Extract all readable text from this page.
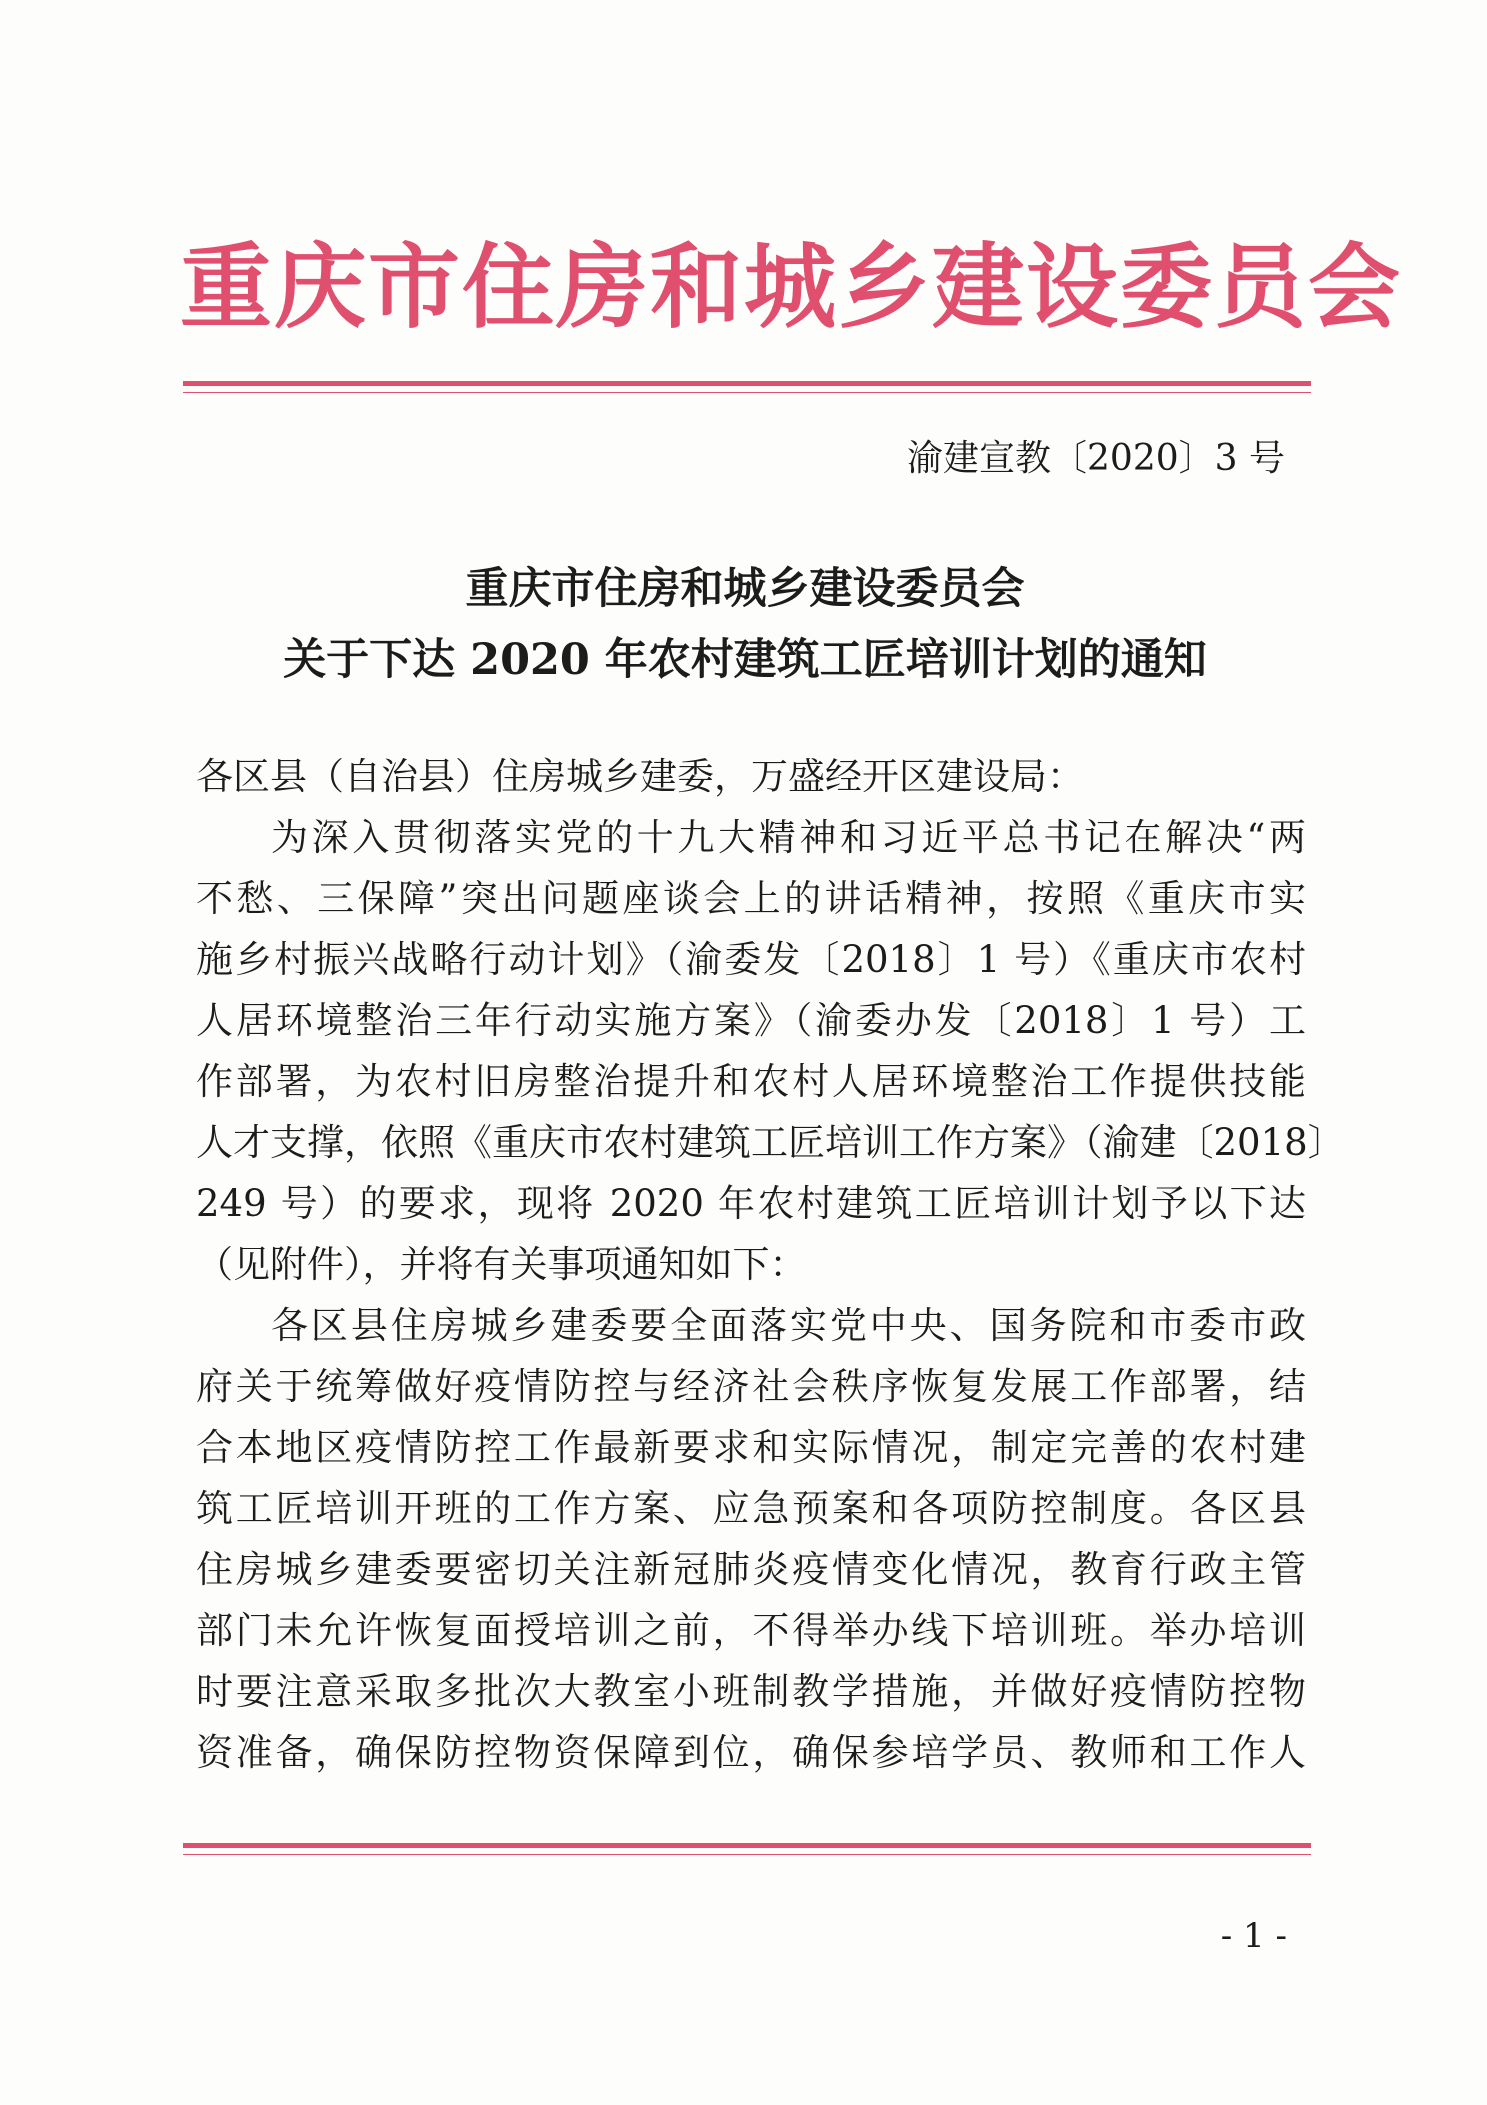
重庆市住房和城乡建设委员会
渝建宣教〔2020〕3 号
重庆市住房和城乡建设委员会
关于下达 2020 年农村建筑工匠培训计划的通知
各区县（自治县）住房城乡建委，万盛经开区建设局：
为深入贯彻落实党的十九大精神和习近平总书记在解决“两
不愁、三保障”突出问题座谈会上的讲话精神，按照《重庆市实
施乡村振兴战略行动计划》（渝委发〔2018〕1 号）《重庆市农村
人居环境整治三年行动实施方案》（渝委办发〔2018〕1 号）工
作部署，为农村旧房整治提升和农村人居环境整治工作提供技能
人才支撑，依照《重庆市农村建筑工匠培训工作方案》（渝建〔2018〕
249 号）的要求，现将 2020 年农村建筑工匠培训计划予以下达
（见附件），并将有关事项通知如下：
各区县住房城乡建委要全面落实党中央、国务院和市委市政
府关于统筹做好疫情防控与经济社会秩序恢复发展工作部署，结
合本地区疫情防控工作最新要求和实际情况，制定完善的农村建
筑工匠培训开班的工作方案、应急预案和各项防控制度。各区县
住房城乡建委要密切关注新冠肺炎疫情变化情况，教育行政主管
部门未允许恢复面授培训之前，不得举办线下培训班。举办培训
时要注意采取多批次大教室小班制教学措施，并做好疫情防控物
资准备，确保防控物资保障到位，确保参培学员、教师和工作人
- 1 -
